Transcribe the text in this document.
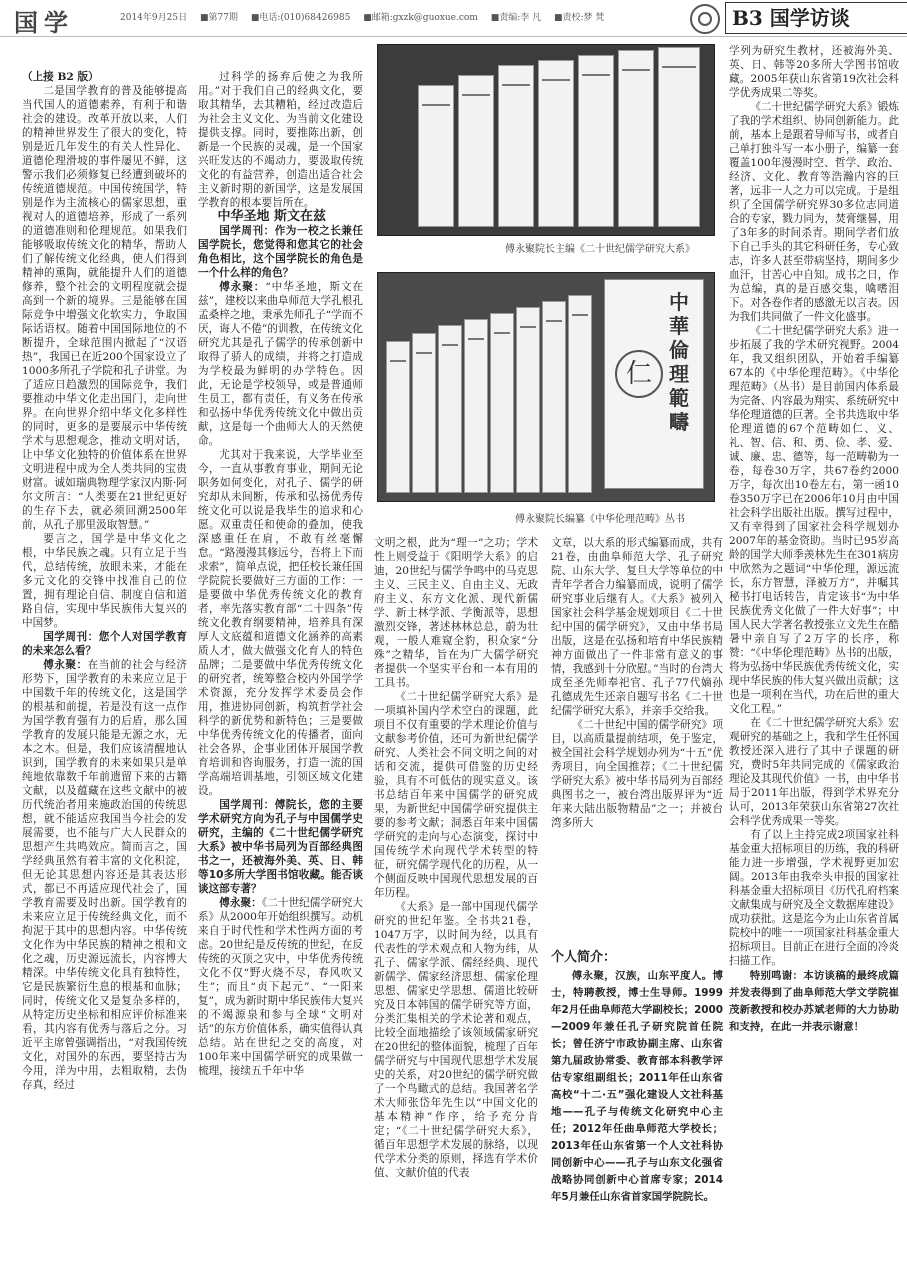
国学	2014年9月25日 ■第77期 ■电话:(010)68426985 ■邮箱:gxzk@guoxue.com ■责编:李 凡 ■责校:梦 梵	B3 国学访谈

（上接 B2 版）

二是国学教育的普及能够提高当代国人的道德素养，有利于和谐社会的建设。改革开放以来，人们的精神世界发生了很大的变化，特别是近几年发生的有关人性异化、道德伦理滑坡的事件屡见不鲜，这警示我们必须修复已经遭到破坏的传统道德规范。中国传统国学，特别是作为主流核心的儒家思想，重视对人的道德培养，形成了一系列的道德准则和伦理规范。如果我们能够吸取传统文化的精华，帮助人们了解传统文化经典，使人们得到精神的熏陶，就能提升人们的道德修养，整个社会的文明程度就会提高到一个新的境界。三是能够在国际竞争中增强文化软实力，争取国际话语权。随着中国国际地位的不断提升，全球范围内掀起了“汉语热”，我国已在近200个国家设立了1000多所孔子学院和孔子讲堂。为了适应日趋激烈的国际竞争，我们要推动中华文化走出国门，走向世界。在向世界介绍中华文化多样性的同时，更多的是要展示中华传统学术与思想观念，推动文明对话，让中华文化独特的价值体系在世界文明进程中成为全人类共同的宝贵财富。诚如瑞典物理学家汉内斯·阿尔文所言：“人类要在21世纪更好的生存下去，就必须回溯2500年前，从孔子那里汲取智慧。”

要言之，国学是中华文化之根，中华民族之魂。只有立足于当代，总结传统，放眼未来，才能在多元文化的交锋中找准自己的位置，拥有理论自信、制度自信和道路自信，实现中华民族伟大复兴的中国梦。

国学周刊：您个人对国学教育的未来怎么看？

傅永聚：在当前的社会与经济形势下，国学教育的未来应立足于中国数千年的传统文化，这是国学的根基和前提，若是没有这一点作为国学教育强有力的后盾，那么国学教育的发展只能是无源之水，无本之木。但是，我们应该清醒地认识到，国学教育的未来如果只是单纯地依靠数千年前遗留下来的古籍文献，以及蕴藏在这些文献中的被历代统治者用来施政治国的传统思想，就不能适应我国当今社会的发展需要，也不能与广大人民群众的思想产生共鸣效应。简而言之，国学经典虽然有着丰富的文化积淀，但无论其思想内容还是其表达形式，都已不再适应现代社会了，国学教育需要及时出新。国学教育的未来应立足于传统经典文化，而不拘泥于其中的思想内容。中华传统文化作为中华民族的精神之根和文化之魂，历史源远流长，内容博大精深。中华传统文化具有独特性，它是民族繁衍生息的根基和血脉；同时，传统文化又是复杂多样的，从特定历史坐标和相应评价标准来看，其内容有优秀与落后之分。习近平主席曾强调指出，“对我国传统文化，对国外的东西，要坚持古为今用，洋为中用，去粗取精，去伪存真，经过

过科学的扬弃后使之为我所用。”对于我们自己的经典文化，要取其精华，去其糟粕，经过改造后为社会主义文化、为当前文化建设提供支撑。同时，要推陈出新，创新是一个民族的灵魂，是一个国家兴旺发达的不竭动力，要汲取传统文化的有益营养，创造出适合社会主义新时期的新国学，这是发展国学教育的根本要旨所在。

中华圣地 斯文在兹

国学周刊：作为一校之长兼任国学院长，您觉得和您其它的社会角色相比，这个国学院长的角色是一个什么样的角色？

傅永聚：“中华圣地，斯文在兹”，建校以来曲阜师范大学孔根孔孟桑梓之地，秉承先师孔子“学而不厌，诲人不倦”的训教，在传统文化研究尤其是孔子儒学的传承创新中取得了骄人的成绩，并将之打造成为学校最为鲜明的办学特色。因此，无论是学校领导，或是普通师生员工，都有责任，有义务在传承和弘扬中华优秀传统文化中做出贡献，这是每一个曲师大人的天然使命。

尤其对于我来说，大学毕业至今，一直从事教育事业，期间无论职务如何变化，对孔子、儒学的研究却从未间断，传承和弘扬优秀传统文化可以说是我毕生的追求和心愿。双重责任和使命的叠加，使我深感重任在肩，不敢有丝毫懈怠。“路漫漫其修远兮，吾将上下而求索”，简单点说，把任校长兼任国学院院长要做好三方面的工作：一是要做中华优秀传统文化的教育者，率先落实教育部“二十四条”传统文化教育纲要精神，培养具有深厚人文底蕴和道德文化涵养的高素质人才，做大做强文化育人的特色品牌；二是要做中华优秀传统文化的研究者，统筹整合校内外国学学术资源，充分发挥学术委员会作用，推进协同创新，构筑哲学社会科学的新优势和新特色；三是要做中华优秀传统文化的传播者，面向社会各界，企事业团体开展国学教育培训和咨询服务，打造一流的国学高端培训基地，引领区域文化建设。

国学周刊：傅院长，您的主要学术研究方向为孔子与中国儒学史研究，主编的《二十世纪儒学研究大系》被中华书局列为百部经典图书之一，还被海外美、英、日、韩等10多所大学图书馆收藏。能否谈谈这部专著？

傅永聚：《二十世纪儒学研究大系》从2000年开始组织撰写。动机来自于时代性和学术性两方面的考虑。20世纪是反传统的世纪，在反传统的灭顶之灾中，中华优秀传统文化不仅“野火烧不尽，春风吹又生”；而且“贞下起元”、“一阳来复”，成为新时期中华民族伟大复兴的不竭源泉和参与全球“文明对话”的东方价值体系，确实值得认真总结。站在世纪之交的高度，对100年来中国儒学研究的成果做一梳理，接续五千年中华

傅永聚院长主编《二十世纪儒学研究大系》
中華倫理範疇
仁
傅永聚院长编纂《中华伦理范畴》丛书

文明之根，此为“理一”之功；学术性上则受益于《阳明学大系》的启迪，20世纪与儒学争鸣中的马克思主义、三民主义、自由主义、无政府主义、东方文化派、现代新儒学、新士林学派、学衡派等，思想激烈交锋，著述林林总总，蔚为壮观，一般人难窥全豹，积众家“分殊”之精华，旨在为广大儒学研究者提供一个坚实平台和一本有用的工具书。

《二十世纪儒学研究大系》是一项填补国内学术空白的课题，此项目不仅有重要的学术理论价值与文献参考价值，还可为新世纪儒学研究、人类社会不同文明之间的对话和交流，提供可借鉴的历史经验，具有不可低估的现实意义。该书总结百年来中国儒学的研究成果，为新世纪中国儒学研究提供主要的参考文献；洞悉百年来中国儒学研究的走向与心态演变，探讨中国传统学术向现代学术转型的特征，研究儒学现代化的历程，从一个侧面反映中国现代思想发展的百年历程。

《大系》是一部中国现代儒学研究的世纪年鉴。全书共21卷，1047万字，以时间为经，以具有代表性的学术观点和人物为纬，从孔子、儒家学派、儒经经典、现代新儒学、儒家经济思想、儒家伦理思想、儒家史学思想、儒道比较研究及日本韩国的儒学研究等方面，分类汇集相关的学术论著和观点，比较全面地描绘了该领域儒家研究在20世纪的整体面貌，梳理了百年儒学研究与中国现代思想学术发展史的关系，对20世纪的儒学研究做了一个鸟瞰式的总结。我国著名学术大师张岱年先生以“中国文化的基本精神”作序，给予充分肯定；“《二十世纪儒学研究大系》，循百年思想学术发展的脉络，以现代学术分类的原则，择选有学术价值、文献价值的代表

文章，以大系的形式编纂而成，共有21卷，由曲阜师范大学、孔子研究院、山东大学、复旦大学等单位的中青年学者合力编纂而成，说明了儒学研究事业后继有人。《大系》被列入国家社会科学基金规划项目《二十世纪中国的儒学研究》，又由中华书局出版，这是在弘扬和培育中华民族精神方面做出了一件非常有意义的事情，我感到十分欣慰。”当时的台湾大成至圣先师奉祀官、孔子77代嫡孙孔德成先生还亲自题写书名《二十世纪儒学研究大系》，并亲手交给我。

《二十世纪中国的儒学研究》项目，以高质量提前结项，免于鉴定，被全国社会科学规划办列为“十五”优秀项目，向全国推荐；《二十世纪儒学研究大系》被中华书局列为百部经典图书之一，被台湾出版界评为“近年来大陆出版物精品”之一；并被台湾多所大

个人简介：

傅永聚，汉族，山东平度人。博士，特聘教授，博士生导师。1999年2月任曲阜师范大学副校长；2000—2009年兼任孔子研究院首任院长；曾任济宁市政协副主席、山东省第九届政协常委、教育部本科教学评估专家组副组长；2011年任山东省高校“十二·五”强化建设人文社科基地——孔子与传统文化研究中心主任；2012年任曲阜师范大学校长；2013年任山东省第一个人文社科协同创新中心——孔子与山东文化强省战略协同创新中心首席专家；2014年5月兼任山东省首家国学院院长。

学列为研究生教材，还被海外美、英、日、韩等20多所大学图书馆收藏。2005年获山东省第19次社会科学优秀成果二等奖。

《二十世纪儒学研究大系》锻炼了我的学术组织、协同创新能力。此前，基本上是跟着导师写书，或者自己单打独斗写一本小册子，编纂一套覆盖100年漫漫时空、哲学、政治、经济、文化、教育等浩瀚内容的巨著，远非一人之力可以完成。于是组织了全国儒学研究界30多位志同道合的专家，戮力同为，焚膏继晷，用了3年多的时间杀青。期间学者们放下自己手头的其它科研任务，专心致志，许多人甚至带病坚持，期间多少血汗，甘苦心中自知。成书之日，作为总编，真的是百感交集，噙嗜泪下。对各卷作者的感激无以言表。因为我们共同做了一件文化盛事。

《二十世纪儒学研究大系》进一步拓展了我的学术研究视野。2004年，我又组织团队，开始着手编纂67本的《中华伦理范畴》。《中华伦理范畴》（丛书）是目前国内体系最为完备、内容最为翔实、系统研究中华伦理道德的巨著。全书共选取中华伦理道德的67个范畴如仁、义、礼、智、信、和、勇、俭、孝、爱、诚、廉、忠、德等，每一范畴勒为一卷，每卷30万字，共67卷约2000万字，每次出10卷左右，第一函10卷350万字已在2006年10月由中国社会科学出版社出版。撰写过程中，又有幸得到了国家社会科学规划办2007年的基金资助。当时已95岁高龄的国学大师季羡林先生在301病房中欣然为之题词“中华伦理，源远流长，东方智慧，泽被万方”，并嘱其秘书打电话转告，肯定该书“为中华民族优秀文化做了一件大好事”；中国人民大学著名教授张立文先生在酷暑中亲自写了2万字的长序，称赞：“《中华伦理范畴》丛书的出版，将为弘扬中华民族优秀传统文化，实现中华民族的伟大复兴做出贡献；这也是一项利在当代，功在后世的重大文化工程。”

在《二十世纪儒学研究大系》宏观研究的基础之上，我和学生任怀国教授还深入进行了其中子课题的研究，费时5年共同完成的《儒家政治理论及其现代价值》一书，由中华书局于2011年出版，得到学术界充分认可，2013年荣获山东省第27次社会科学优秀成果一等奖。

有了以上主持完成2项国家社科基金重大招标项目的历练，我的科研能力进一步增强，学术视野更加宏阔。2013年由我牵头申报的国家社科基金重大招标项目《历代孔府档案文献集成与研究及全文数据库建设》成功获批。这是迄今为止山东省首属院校中的唯一一项国家社科基金重大招标项目。目前正在进行全面的冷炎扫描工作。

特别鸣谢：本访谈稿的最终成篇并发表得到了曲阜师范大学文学院崔茂新教授和校办苏斌老师的大力协助和支持，在此一并表示谢意！
